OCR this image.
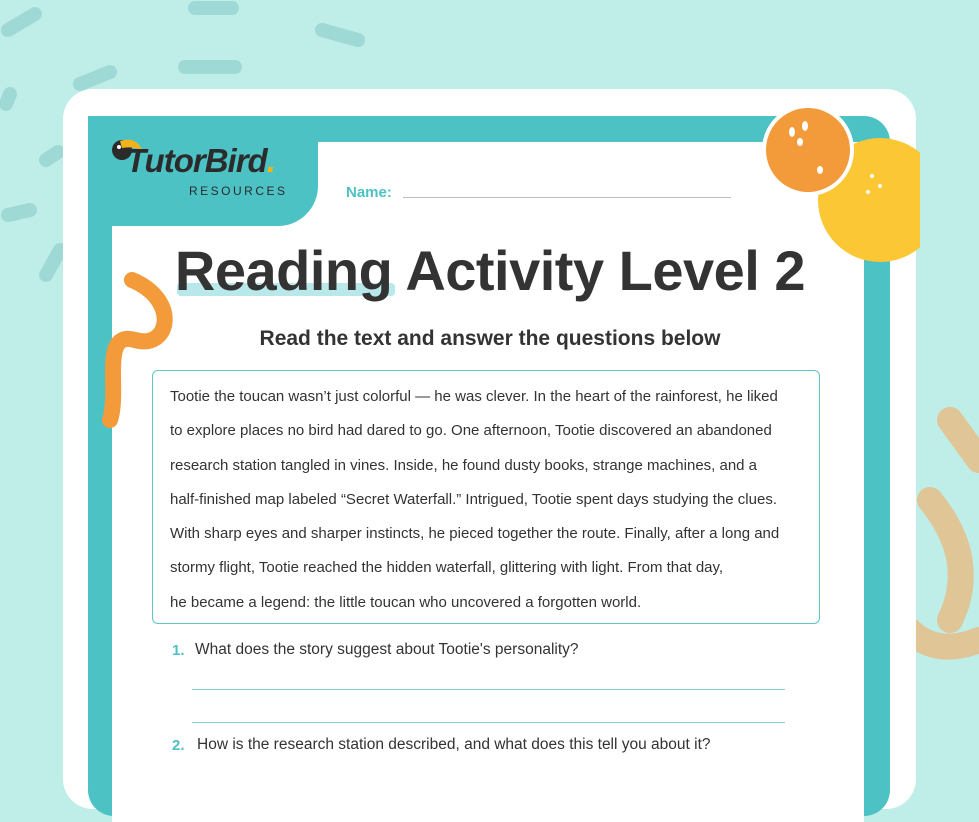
TutorBird.
RESOURCES	Name:
Reading Activity Level 2
Read the text and answer the questions below
Tootie the toucan wasn’t just colorful — he was clever. In the heart of the rainforest, he liked
to explore places no bird had dared to go. One afternoon, Tootie discovered an abandoned
research station tangled in vines. Inside, he found dusty books, strange machines, and a
half-finished map labeled “Secret Waterfall.” Intrigued, Tootie spent days studying the clues.
With sharp eyes and sharper instincts, he pieced together the route. Finally, after a long and
stormy flight, Tootie reached the hidden waterfall, glittering with light. From that day,
he became a legend: the little toucan who uncovered a forgotten world.
1. What does the story suggest about Tootie's personality?
2. How is the research station described, and what does this tell you about it?
